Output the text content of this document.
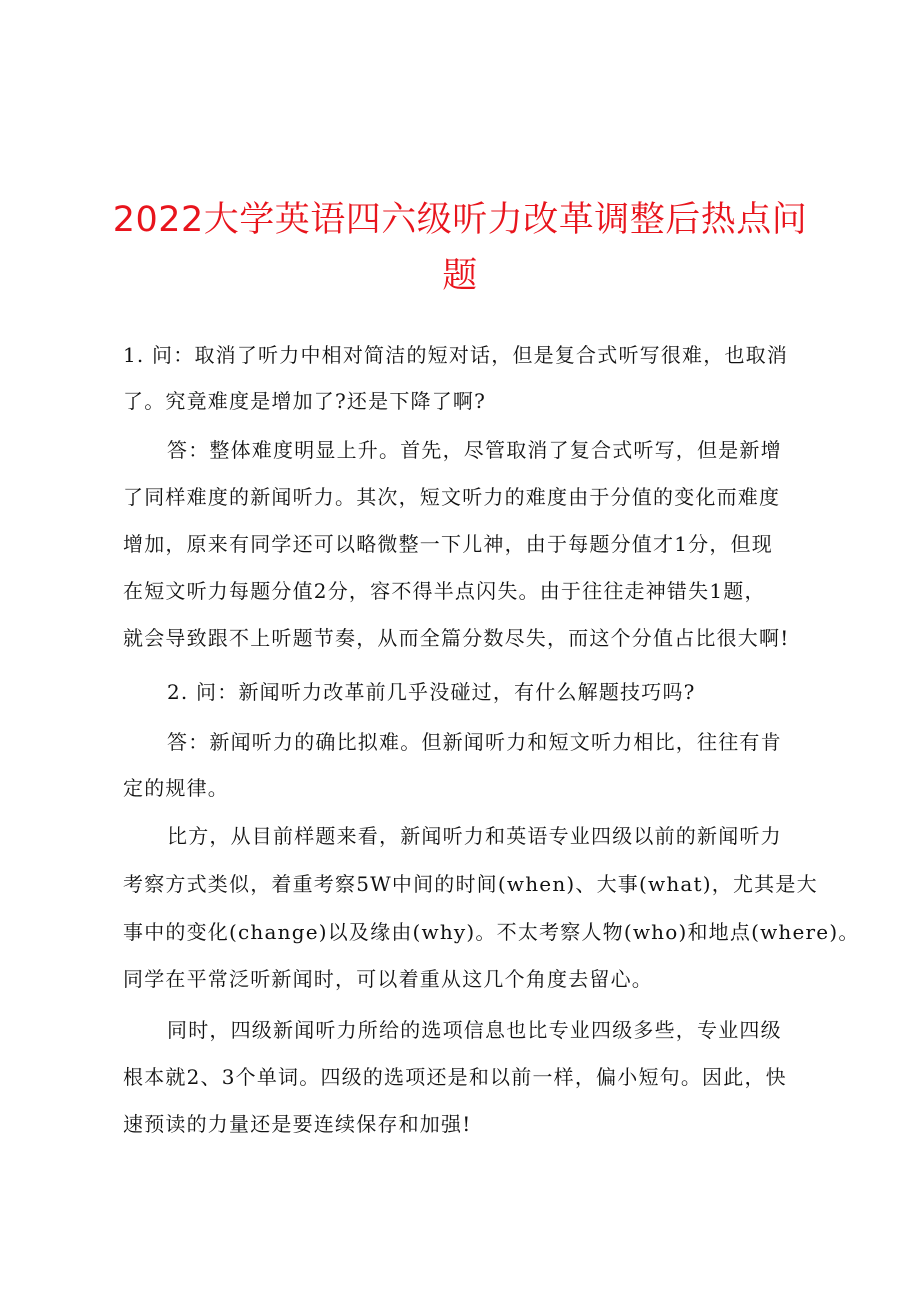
2022大学英语四六级听力改革调整后热点问
题
1. 问：取消了听力中相对简洁的短对话，但是复合式听写很难，也取消
了。究竟难度是增加了?还是下降了啊?
答：整体难度明显上升。首先，尽管取消了复合式听写，但是新增
了同样难度的新闻听力。其次，短文听力的难度由于分值的变化而难度
增加，原来有同学还可以略微整一下儿神，由于每题分值才1分，但现
在短文听力每题分值2分，容不得半点闪失。由于往往走神错失1题，
就会导致跟不上听题节奏，从而全篇分数尽失，而这个分值占比很大啊!
2. 问：新闻听力改革前几乎没碰过，有什么解题技巧吗?
答：新闻听力的确比拟难。但新闻听力和短文听力相比，往往有肯
定的规律。
比方，从目前样题来看，新闻听力和英语专业四级以前的新闻听力
考察方式类似，着重考察5W中间的时间(when)、大事(what)，尤其是大
事中的变化(change)以及缘由(why)。不太考察人物(who)和地点(where)。
同学在平常泛听新闻时，可以着重从这几个角度去留心。
同时，四级新闻听力所给的选项信息也比专业四级多些，专业四级
根本就2、3个单词。四级的选项还是和以前一样，偏小短句。因此，快
速预读的力量还是要连续保存和加强!
